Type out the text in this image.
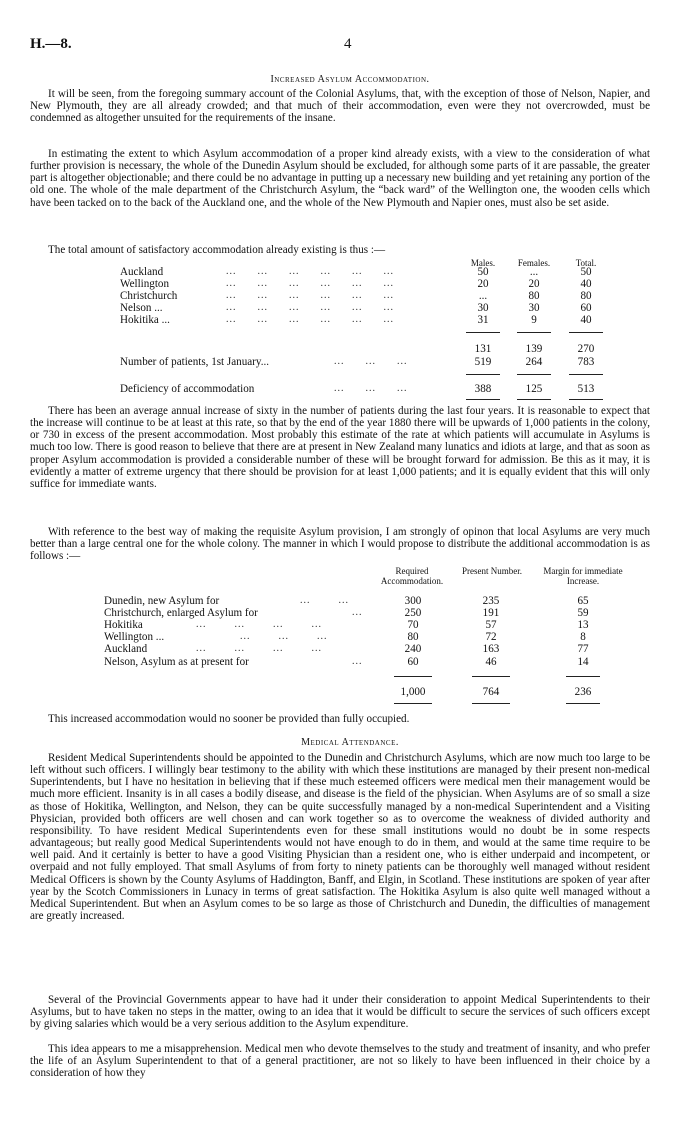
H.—8.	4
Increased Asylum Accommodation.

It will be seen, from the foregoing summary account of the Colonial Asylums, that, with the exception of those of Nelson, Napier, and New Plymouth, they are all already crowded; and that much of their accommodation, even were they not overcrowded, must be condemned as altogether unsuited for the requirements of the insane.

In estimating the extent to which Asylum accommodation of a proper kind already exists, with a view to the consideration of what further provision is necessary, the whole of the Dunedin Asylum should be excluded, for although some parts of it are passable, the greater part is altogether objectionable; and there could be no advantage in putting up a necessary new building and yet retaining any portion of the old one. The whole of the male department of the Christchurch Asylum, the “back ward” of the Wellington one, the wooden cells which have been tacked on to the back of the Auckland one, and the whole of the New Plymouth and Napier ones, must also be set aside.

The total amount of satisfactory accommodation already existing is thus :—

Males.	Females.	Total.
Auckland	...      ...      ...      ...      ...      ...	50	...	50
Wellington	...      ...      ...      ...      ...      ...	20	20	40
Christchurch	...      ...      ...      ...      ...      ...	...	80	80
Nelson ...	...      ...      ...      ...      ...      ...	30	30	60
Hokitika ...	...      ...      ...      ...      ...      ...	31	9	40
131	139	270
Number of patients, 1st January...	...      ...      ...	519	264	783
Deficiency of accommodation	...      ...      ...	388	125	513

There has been an average annual increase of sixty in the number of patients during the last four years. It is reasonable to expect that the increase will continue to be at least at this rate, so that by the end of the year 1880 there will be upwards of 1,000 patients in the colony, or 730 in excess of the present accommodation. Most probably this estimate of the rate at which patients will accumulate in Asylums is much too low. There is good reason to believe that there are at present in New Zealand many lunatics and idiots at large, and that as soon as proper Asylum accommodation is provided a considerable number of these will be brought forward for admission. Be this as it may, it is evidently a matter of extreme urgency that there should be provision for at least 1,000 patients; and it is equally evident that this will only suffice for immediate wants.

With reference to the best way of making the requisite Asylum provision, I am strongly of opinon that local Asylums are very much better than a large central one for the whole colony. The manner in which I would propose to distribute the additional accommodation is as follows :—

Required Accommodation.
Present Number.	Margin for immediate Increase.
Dunedin, new Asylum for	...        ...	300	235	65
Christchurch, enlarged Asylum for	...	250	191	59
Hokitika	...        ...        ...        ...	70	57	13
Wellington ...	...        ...        ...	80	72	8
Auckland	...        ...        ...        ...	240	163	77
Nelson, Asylum as at present for	...	60	46	14
1,000	764	236

This increased accommodation would no sooner be provided than fully occupied.

Medical Attendance.

Resident Medical Superintendents should be appointed to the Dunedin and Christchurch Asylums, which are now much too large to be left without such officers. I willingly bear testimony to the ability with which these institutions are managed by their present non-medical Superintendents, but I have no hesitation in believing that if these much esteemed officers were medical men their management would be much more efficient. Insanity is in all cases a bodily disease, and disease is the field of the physician. When Asylums are of so small a size as those of Hokitika, Wellington, and Nelson, they can be quite successfully managed by a non-medical Superintendent and a Visiting Physician, provided both officers are well chosen and can work together so as to overcome the weakness of divided authority and responsibility. To have resident Medical Superintendents even for these small institutions would no doubt be in some respects advantageous; but really good Medical Superintendents would not have enough to do in them, and would at the same time require to be well paid. And it certainly is better to have a good Visiting Physician than a resident one, who is either underpaid and incompetent, or overpaid and not fully employed. That small Asylums of from forty to ninety patients can be thoroughly well managed without resident Medical Officers is shown by the County Asylums of Haddington, Banff, and Elgin, in Scotland. These institutions are spoken of year after year by the Scotch Commissioners in Lunacy in terms of great satisfaction. The Hokitika Asylum is also quite well managed without a Medical Superintendent. But when an Asylum comes to be so large as those of Christchurch and Dunedin, the difficulties of management are greatly increased.

Several of the Provincial Governments appear to have had it under their consideration to appoint Medical Superintendents to their Asylums, but to have taken no steps in the matter, owing to an idea that it would be difficult to secure the services of such officers except by giving salaries which would be a very serious addition to the Asylum expenditure.

This idea appears to me a misapprehension. Medical men who devote themselves to the study and treatment of insanity, and who prefer the life of an Asylum Superintendent to that of a general practitioner, are not so likely to have been influenced in their choice by a consideration of how they
